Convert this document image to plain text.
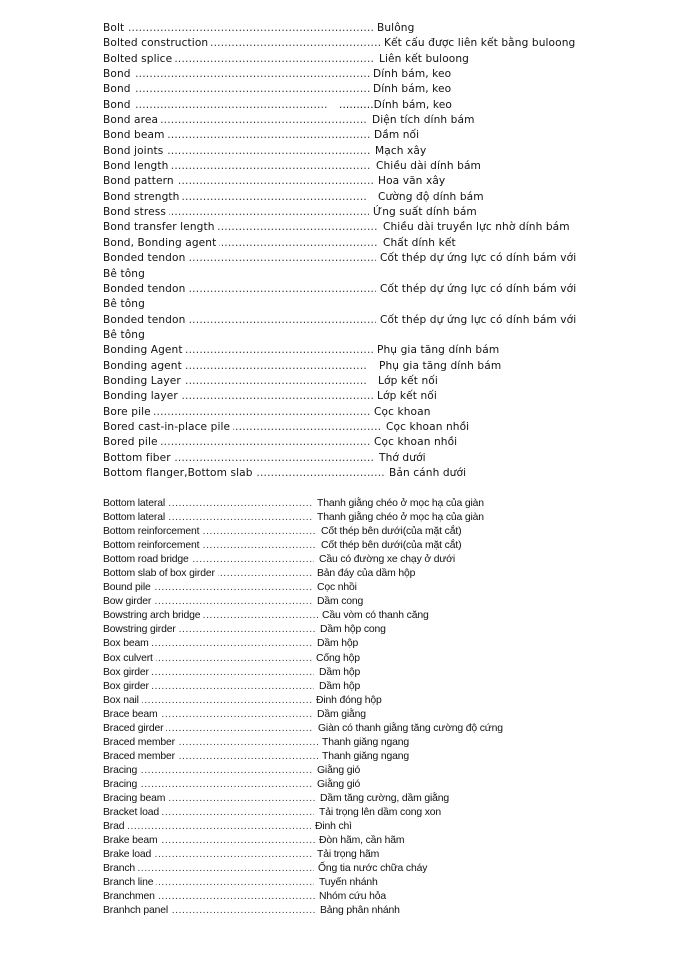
.....
Bolt	Bulông
.....
Bolted construction	Kết cấu được liên kết bằng buloong
.....
Bolted splice	Liên kết buloong
.....
Bond	Dính bám, keo
.....
Bond	Dính bám, keo
.....
Bond	..........Dính bám, keo
.....
Bond area	Diện tích dính bám
.....
Bond beam	Dầm nối
.....
Bond joints	Mạch xây
.....
Bond length	Chiều dài dính bám
.....
Bond pattern	Hoa văn xây
.....
Bond strength	Cường độ dính bám
.....
Bond stress	Ứng suất dính bám
.....
Bond transfer length	Chiều dài truyền lực nhờ dính bám
.....
Bond, Bonding agent	Chất dính kết
.....
Bonded tendon	Cốt thép dự ứng lực có dính bám với
Bê tông
.....
Bonded tendon	Cốt thép dự ứng lực có dính bám với
Bê tông
.....
Bonded tendon	Cốt thép dự ứng lực có dính bám với
Bê tông
.....
Bonding Agent	Phụ gia tăng dính bám
.....
Bonding agent	Phụ gia tăng dính bám
.....
Bonding Layer	Lớp kết nối
.....
Bonding layer	Lớp kết nối
.....
Bore pile	Cọc khoan
.....
Bored cast-in-place pile	Cọc khoan nhồi
.....
Bored pile	Cọc khoan nhồi
.....
Bottom fiber	Thớ dưới
.....
Bottom flanger,Bottom slab	Bản cánh dưới
.....
Bottom lateral	Thanh giằng chéo ở mọc hạ của giàn
.....
Bottom lateral	Thanh giằng chéo ở mọc hạ của giàn
.....
Bottom reinforcement	Cốt thép bên dưới(của mặt cắt)
.....
Bottom reinforcement	Cốt thép bên dưới(của mặt cắt)
.....
Bottom road bridge	Cầu có đường xe chạy ở dưới
.....
Bottom slab of box girder	Bản đáy của dầm hộp
.....
Bound pile	Cọc nhồi
.....
Bow girder	Dầm cong
.....
Bowstring arch bridge	Cầu vòm có thanh căng
.....
Bowstring girder	Dầm hộp cong
.....
Box beam	Dầm hộp
.....
Box culvert	Cống hộp
.....
Box girder	Dầm hộp
.....
Box girder	Dầm hộp
.....
Box nail	Đinh đóng hộp
.....
Brace beam	Dầm giằng
.....
Braced girder	Giàn có thanh giằng tăng cường độ cứng
.....
Braced member	Thanh giăng ngang
.....
Braced member	Thanh giăng ngang
.....
Bracing	Giằng gió
.....
Bracing	Giằng gió
.....
Bracing beam	Dầm tăng cường, dầm giằng
.....
Bracket load	Tải trọng lên dầm cong xon
.....
Brad	Đinh chì
.....
Brake beam	Đòn hãm, cần hãm
.....
Brake load	Tải trọng hãm
.....
Branch	Ống tia nước chữa cháy
.....
Branch line	Tuyến nhánh
.....
Branchmen	Nhóm cứu hỏa
.....
Branhch panel	Bảng phân nhánh
